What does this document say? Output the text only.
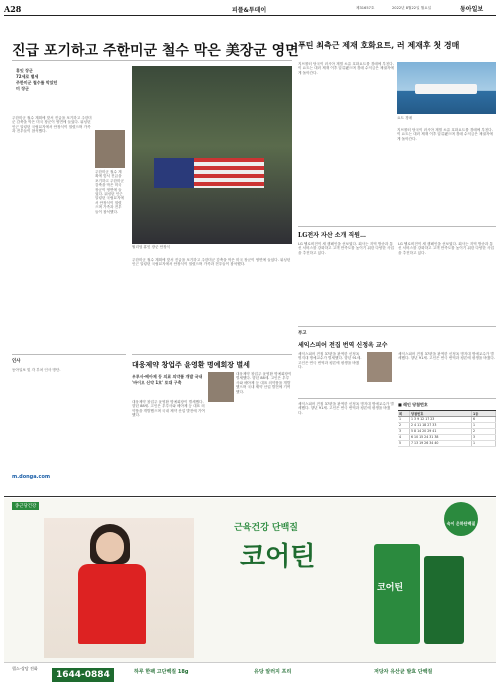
A28	피플&투데이	제31657호	2022년 8월22일 월요일	동아일보
진급 포기하고 주한미군 철수 막은 美장군 영면
휴잇 장군
72세로 별세
주한미군 철수를 막았던
미 장군
주한미군 철수 계획에 맞서 진급을 포기하고 주한미군 감축을 막은 미국 장군이 영면에 들었다. 워싱턴 인근 알링턴 국립묘지에서 안장식이 열렸으며 가족과 전우들이 참석했다.
주한미군 철수 계획에 맞서 진급을 포기하고 주한미군 감축을 막은 미국 장군이 영면에 들었다. 워싱턴 인근 알링턴 국립묘지에서 안장식이 열렸으며 가족과 전우들이 참석했다.
윌리엄 휴잇 장군 안장식
주한미군 철수 계획에 맞서 진급을 포기하고 주한미군 감축을 막은 미국 장군이 영면에 들었다. 워싱턴 인근 알링턴 국립묘지에서 안장식이 열렸으며 가족과 전우들이 참석했다.
푸틴 최측근 제재 호화요트, 러 제재후 첫 경매
지브롤터 당국이 러시아 재벌 소유 호화요트를 경매에 부친다. 이 요트는 대러 제재 이후 압류됐으며 경매 수익금은 채권자에게 돌아간다.
요트 경매
지브롤터 당국이 러시아 재벌 소유 호화요트를 경매에 부친다. 이 요트는 대러 제재 이후 압류됐으며 경매 수익금은 채권자에게 돌아간다.
LG전자 자산 소개 직원…
LG 헬로비전이 새 캠페인을 선보였다. 회사는 지역 방송과 통신 서비스를 강화하고 고객 만족도를 높이기 위한 다양한 사업을 추진하고 있다.
LG 헬로비전이 새 캠페인을 선보였다. 회사는 지역 방송과 통신 서비스를 강화하고 고객 만족도를 높이기 위한 다양한 사업을 추진하고 있다.
부고
세익스피어 전집 번역 신정옥 교수
셰익스피어 전집 37편을 완역한 신정옥 명지대 명예교수가 별세했다. 향년 91세. 고인은 연극 번역과 평론에 평생을 바쳤다.
셰익스피어 전집 37편을 완역한 신정옥 명지대 명예교수가 별세했다. 향년 91세. 고인은 연극 번역과 평론에 평생을 바쳤다.
셰익스피어 전집 37편을 완역한 신정옥 명지대 명예교수가 별세했다. 향년 91세. 고인은 연극 번역과 평론에 평생을 바쳤다.
■ 레인 당첨번호
회	당첨번호	1등
1	1 3 9 12 17 23	6
2	2 4 11 18 27 33	1
3	5 8 14 20 29 41	2
4	6 10 15 24 31 38	3
5	7 13 19 26 34 40	1
인사
동아일보 및 각 부처 인사 명단.
m.donga.com
대웅제약 창업주 윤영환 명예회장 별세
우루사·베아제 등 의료 의약품 개발 국내 '바이오 신약 1호' 토대 구축
대웅제약 창업주 윤영환 명예회장이 별세했다. 향년 88세. 고인은 우루사와 베아제 등 대표 의약품을 개발했으며 국내 제약 산업 발전에 기여했다.
대웅제약 창업주 윤영환 명예회장이 별세했다. 향년 88세. 고인은 우루사와 베아제 등 대표 의약품을 개발했으며 국내 제약 산업 발전에 기여했다.
종근당건강
근육건강 단백질
코어틴
코어틴
숙이 은하단백질
헬스·상담 전화
1644-0884	하루 한팩 고단백질 18g	유당 알러지 프리	저당자 유산균 발효 단백질
